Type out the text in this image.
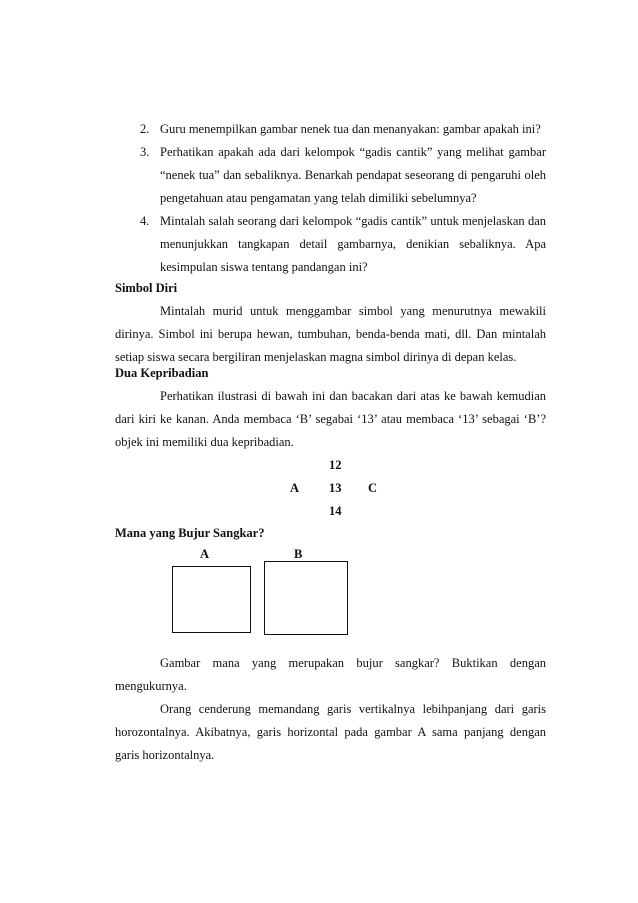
2. Guru menempilkan gambar nenek tua dan menanyakan: gambar apakah ini?
3. Perhatikan apakah ada dari kelompok “gadis cantik” yang melihat gambar
“nenek tua” dan sebaliknya. Benarkah pendapat seseorang di pengaruhi oleh
pengetahuan atau pengamatan yang telah dimiliki sebelumnya?
4. Mintalah salah seorang dari kelompok “gadis cantik” untuk menjelaskan dan
menunjukkan tangkapan detail gambarnya, denikian sebaliknya. Apa
kesimpulan siswa tentang pandangan ini?
Simbol Diri
Mintalah murid untuk menggambar simbol yang menurutnya mewakili
dirinya. Simbol ini berupa hewan, tumbuhan, benda-benda mati, dll. Dan mintalah
setiap siswa secara bergiliran menjelaskan magna simbol dirinya di depan kelas.
Dua Kepribadian
Perhatikan ilustrasi di bawah ini dan bacakan dari atas ke bawah kemudian
dari kiri ke kanan. Anda membaca ‘B’ segabai ‘13’ atau membaca ‘13’ sebagai ‘B’?
objek ini memiliki dua kepribadian.
12
A 13 C
14
Mana yang Bujur Sangkar?
A	B
Gambar mana yang merupakan bujur sangkar? Buktikan dengan
mengukurnya.
Orang cenderung memandang garis vertikalnya lebihpanjang dari garis
horozontalnya. Akibatnya, garis horizontal pada gambar A sama panjang dengan
garis horizontalnya.
